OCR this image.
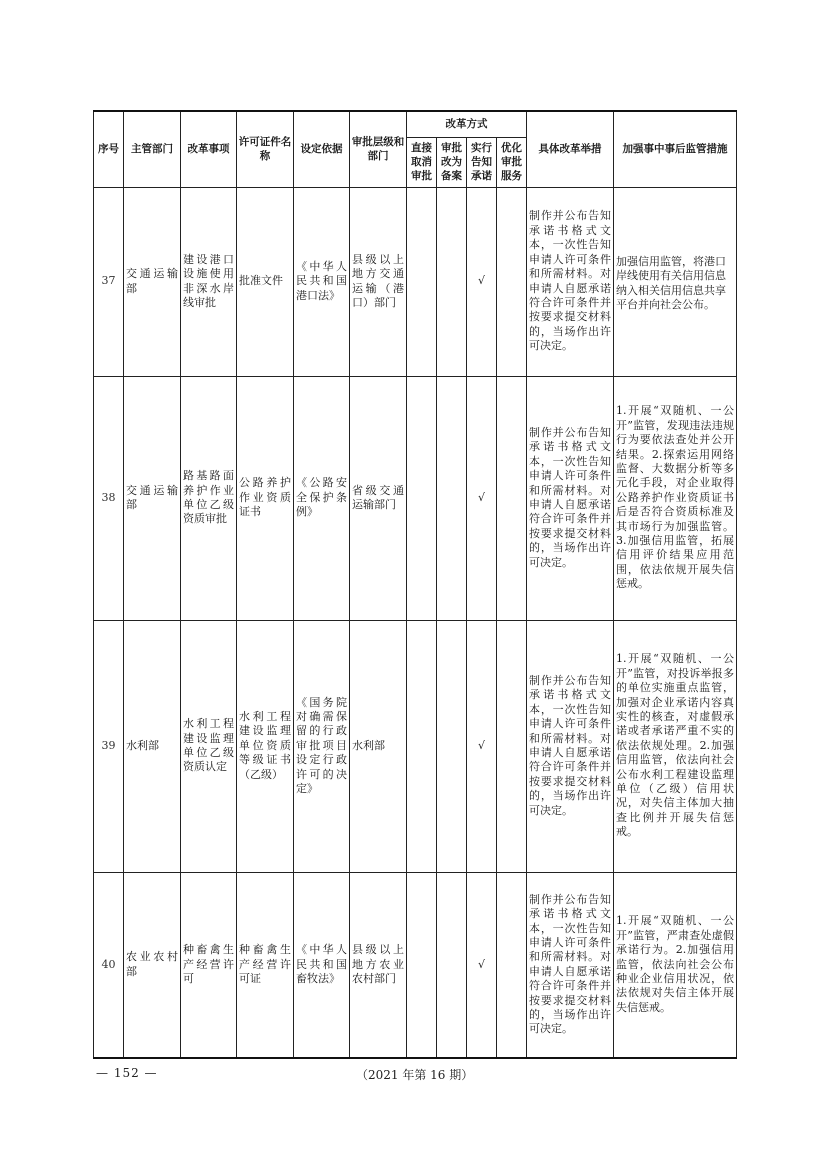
序号	主管部门	改革事项	许可证件名称	设定依据	审批层级和部门	改革方式				具体改革举措	加强事中事后监管措施
						直接取消审批	审批改为备案	实行告知承诺	优化审批服务		
37	交通运输部	建设港口设施使用非深水岸线审批	批准文件	《中华人民共和国港口法》	县级以上地方交通运输（港口）部门			√		制作并公布告知承诺书格式文本，一次性告知申请人许可条件和所需材料。对申请人自愿承诺符合许可条件并按要求提交材料的，当场作出许可决定。	加强信用监管，将港口岸线使用有关信用信息纳入相关信用信息共享平台并向社会公布。
38	交通运输部	路基路面养护作业单位乙级资质审批	公路养护作业资质证书	《公路安全保护条例》	省级交通运输部门			√		制作并公布告知承诺书格式文本，一次性告知申请人许可条件和所需材料。对申请人自愿承诺符合许可条件并按要求提交材料的，当场作出许可决定。	1.开展“双随机、一公开”监管，发现违法违规行为要依法查处并公开结果。2.探索运用网络监督、大数据分析等多元化手段，对企业取得公路养护作业资质证书后是否符合资质标准及其市场行为加强监管。3.加强信用监管，拓展信用评价结果应用范围，依法依规开展失信惩戒。
39	水利部	水利工程建设监理单位乙级资质认定	水利工程建设监理单位资质等级证书（乙级）	《国务院对确需保留的行政审批项目设定行政许可的决定》	水利部			√		制作并公布告知承诺书格式文本，一次性告知申请人许可条件和所需材料。对申请人自愿承诺符合许可条件并按要求提交材料的，当场作出许可决定。	1.开展“双随机、一公开”监管，对投诉举报多的单位实施重点监管，加强对企业承诺内容真实性的核查，对虚假承诺或者承诺严重不实的依法依规处理。2.加强信用监管，依法向社会公布水利工程建设监理单位（乙级）信用状况，对失信主体加大抽查比例并开展失信惩戒。
40	农业农村部	种畜禽生产经营许可	种畜禽生产经营许可证	《中华人民共和国畜牧法》	县级以上地方农业农村部门			√		制作并公布告知承诺书格式文本，一次性告知申请人许可条件和所需材料。对申请人自愿承诺符合许可条件并按要求提交材料的，当场作出许可决定。	1.开展“双随机、一公开”监管，严肃查处虚假承诺行为。2.加强信用监管，依法向社会公布种业企业信用状况，依法依规对失信主体开展失信惩戒。
— 152 —	（2021 年第 16 期）
